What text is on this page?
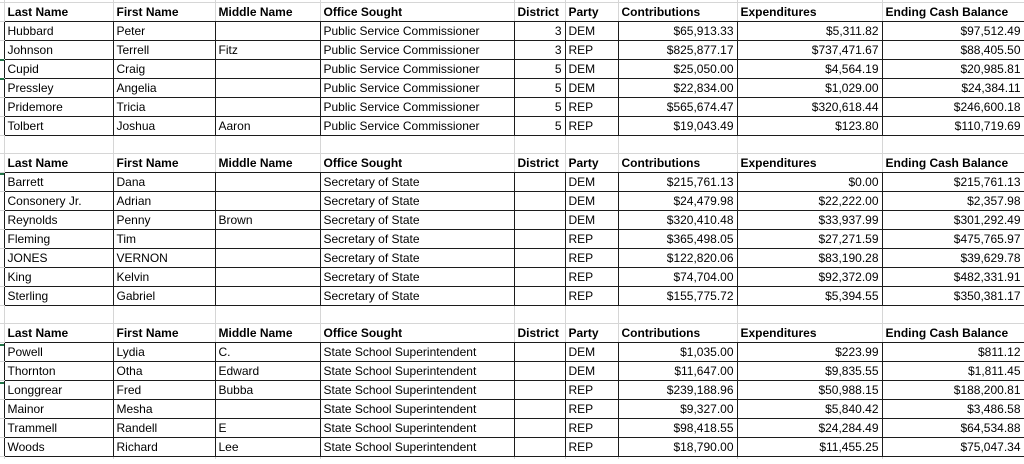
	Last Name	First Name	Middle Name	Office Sought	District	Party	Contributions	Expenditures	Ending Cash Balance
	Hubbard	Peter		Public Service Commissioner	3	DEM	$65,913.33	$5,311.82	$97,512.49
	Johnson	Terrell	Fitz	Public Service Commissioner	3	REP	$825,877.17	$737,471.67	$88,405.50
	Cupid	Craig		Public Service Commissioner	5	DEM	$25,050.00	$4,564.19	$20,985.81
	Pressley	Angelia		Public Service Commissioner	5	DEM	$22,834.00	$1,029.00	$24,384.11
	Pridemore	Tricia		Public Service Commissioner	5	REP	$565,674.47	$320,618.44	$246,600.18
	Tolbert	Joshua	Aaron	Public Service Commissioner	5	REP	$19,043.49	$123.80	$110,719.69

	Last Name	First Name	Middle Name	Office Sought	District	Party	Contributions	Expenditures	Ending Cash Balance
	Barrett	Dana		Secretary of State		DEM	$215,761.13	$0.00	$215,761.13
	Consonery Jr.	Adrian		Secretary of State		DEM	$24,479.98	$22,222.00	$2,357.98
	Reynolds	Penny	Brown	Secretary of State		DEM	$320,410.48	$33,937.99	$301,292.49
	Fleming	Tim		Secretary of State		REP	$365,498.05	$27,271.59	$475,765.97
	JONES	VERNON		Secretary of State		REP	$122,820.06	$83,190.28	$39,629.78
	King	Kelvin		Secretary of State		REP	$74,704.00	$92,372.09	$482,331.91
	Sterling	Gabriel		Secretary of State		REP	$155,775.72	$5,394.55	$350,381.17

	Last Name	First Name	Middle Name	Office Sought	District	Party	Contributions	Expenditures	Ending Cash Balance
	Powell	Lydia	C.	State School Superintendent		DEM	$1,035.00	$223.99	$811.12
	Thornton	Otha	Edward	State School Superintendent		DEM	$11,647.00	$9,835.55	$1,811.45
	Longgrear	Fred	Bubba	State School Superintendent		REP	$239,188.96	$50,988.15	$188,200.81
	Mainor	Mesha		State School Superintendent		REP	$9,327.00	$5,840.42	$3,486.58
	Trammell	Randell	E	State School Superintendent		REP	$98,418.55	$24,284.49	$64,534.88
	Woods	Richard	Lee	State School Superintendent		REP	$18,790.00	$11,455.25	$75,047.34
